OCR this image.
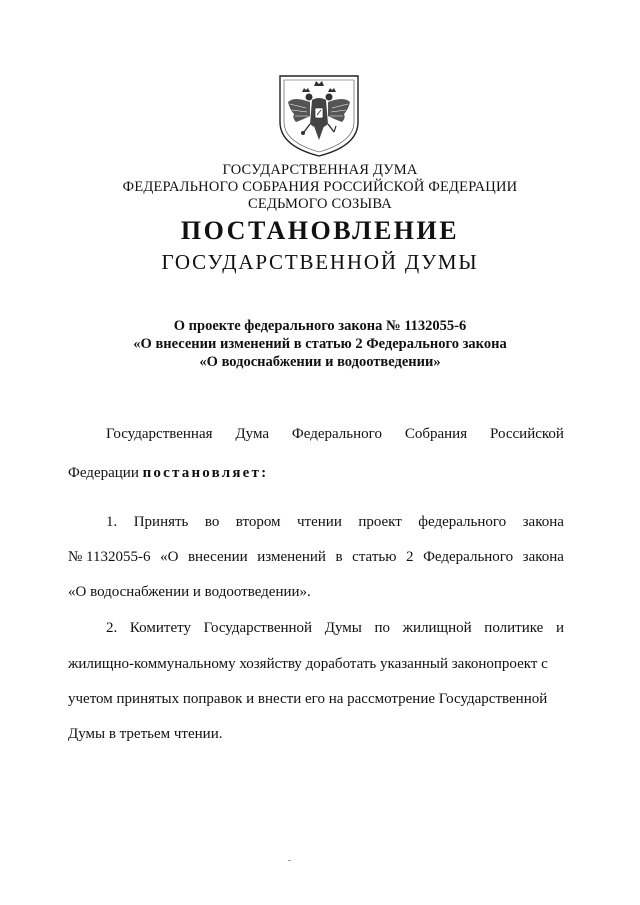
ГОСУДАРСТВЕННАЯ ДУМА
ФЕДЕРАЛЬНОГО СОБРАНИЯ РОССИЙСКОЙ ФЕДЕРАЦИИ
СЕДЬМОГО СОЗЫВА
ПОСТАНОВЛЕНИЕ
ГОСУДАРСТВЕННОЙ ДУМЫ
О проекте федерального закона № 1132055-6
«О внесении изменений в статью 2 Федерального закона
«О водоснабжении и водоотведении»
Государственная Дума Федерального Собрания Российской
Федерации постановляет:
1. Принять во втором чтении проект федерального закона
№ 1132055-6 «О внесении изменений в статью 2 Федерального закона
«О водоснабжении и водоотведении».
2. Комитету Государственной Думы по жилищной политике и
жилищно-коммунальному хозяйству доработать указанный законопроект с
учетом принятых поправок и внести его на рассмотрение Государственной
Думы в третьем чтении.
